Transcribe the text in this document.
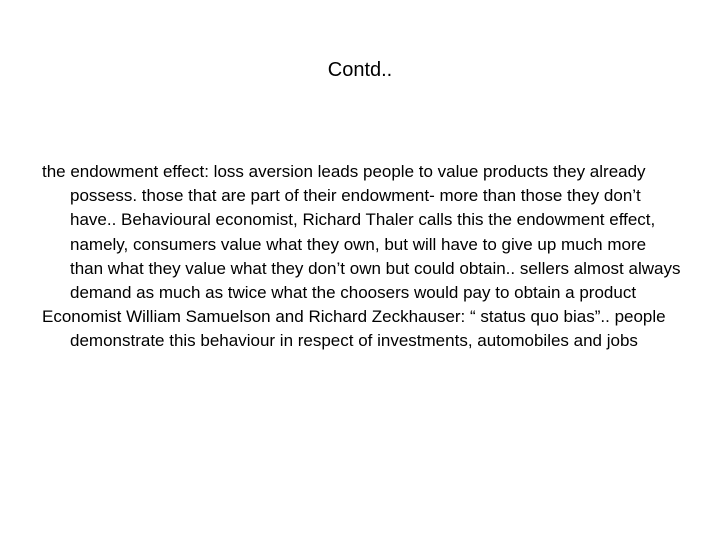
Contd..

the endowment effect: loss aversion leads people to value products they already possess. those that are part of their endowment- more than those they don’t have.. Behavioural economist, Richard Thaler calls this the endowment effect, namely, consumers value what they own, but will have to give up much more than what they value what they don’t own but could obtain.. sellers almost always demand as much as twice what the choosers would pay to obtain a product

Economist William Samuelson and Richard Zeckhauser: “ status quo bias”.. people demonstrate this behaviour in respect of investments, automobiles and jobs
